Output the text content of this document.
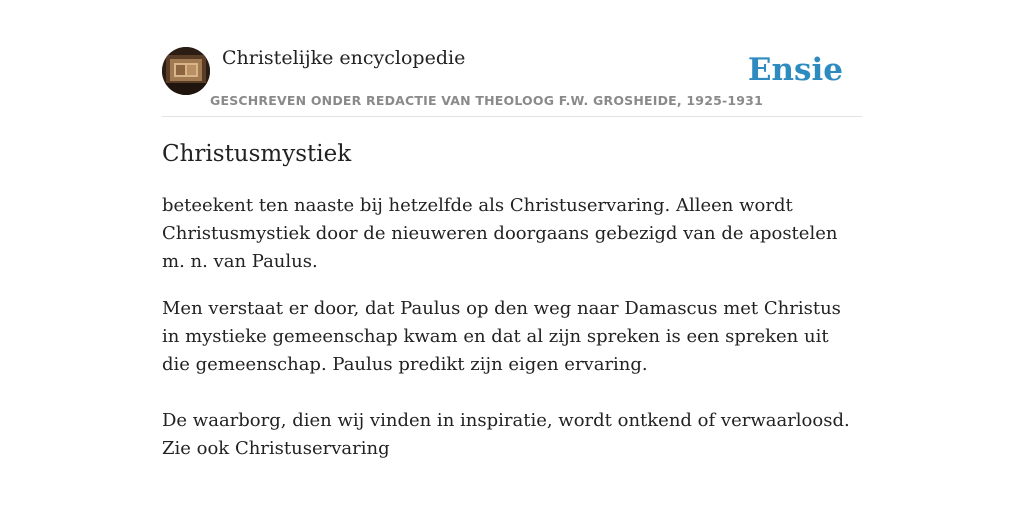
Christelijke encyclopedie
GESCHREVEN ONDER REDACTIE VAN THEOLOOG F.W. GROSHEIDE, 1925-1931
Ensie
Christusmystiek

beteekent ten naaste bij hetzelfde als Christuservaring. Alleen wordt Christusmystiek door de nieuweren doorgaans gebezigd van de apostelen m. n. van Paulus.

Men verstaat er door, dat Paulus op den weg naar Damascus met Christus in mystieke gemeenschap kwam en dat al zijn spreken is een spreken uit die gemeenschap. Paulus predikt zijn eigen ervaring.

De waarborg, dien wij vinden in inspiratie, wordt ontkend of verwaarloosd. Zie ook Christuservaring
